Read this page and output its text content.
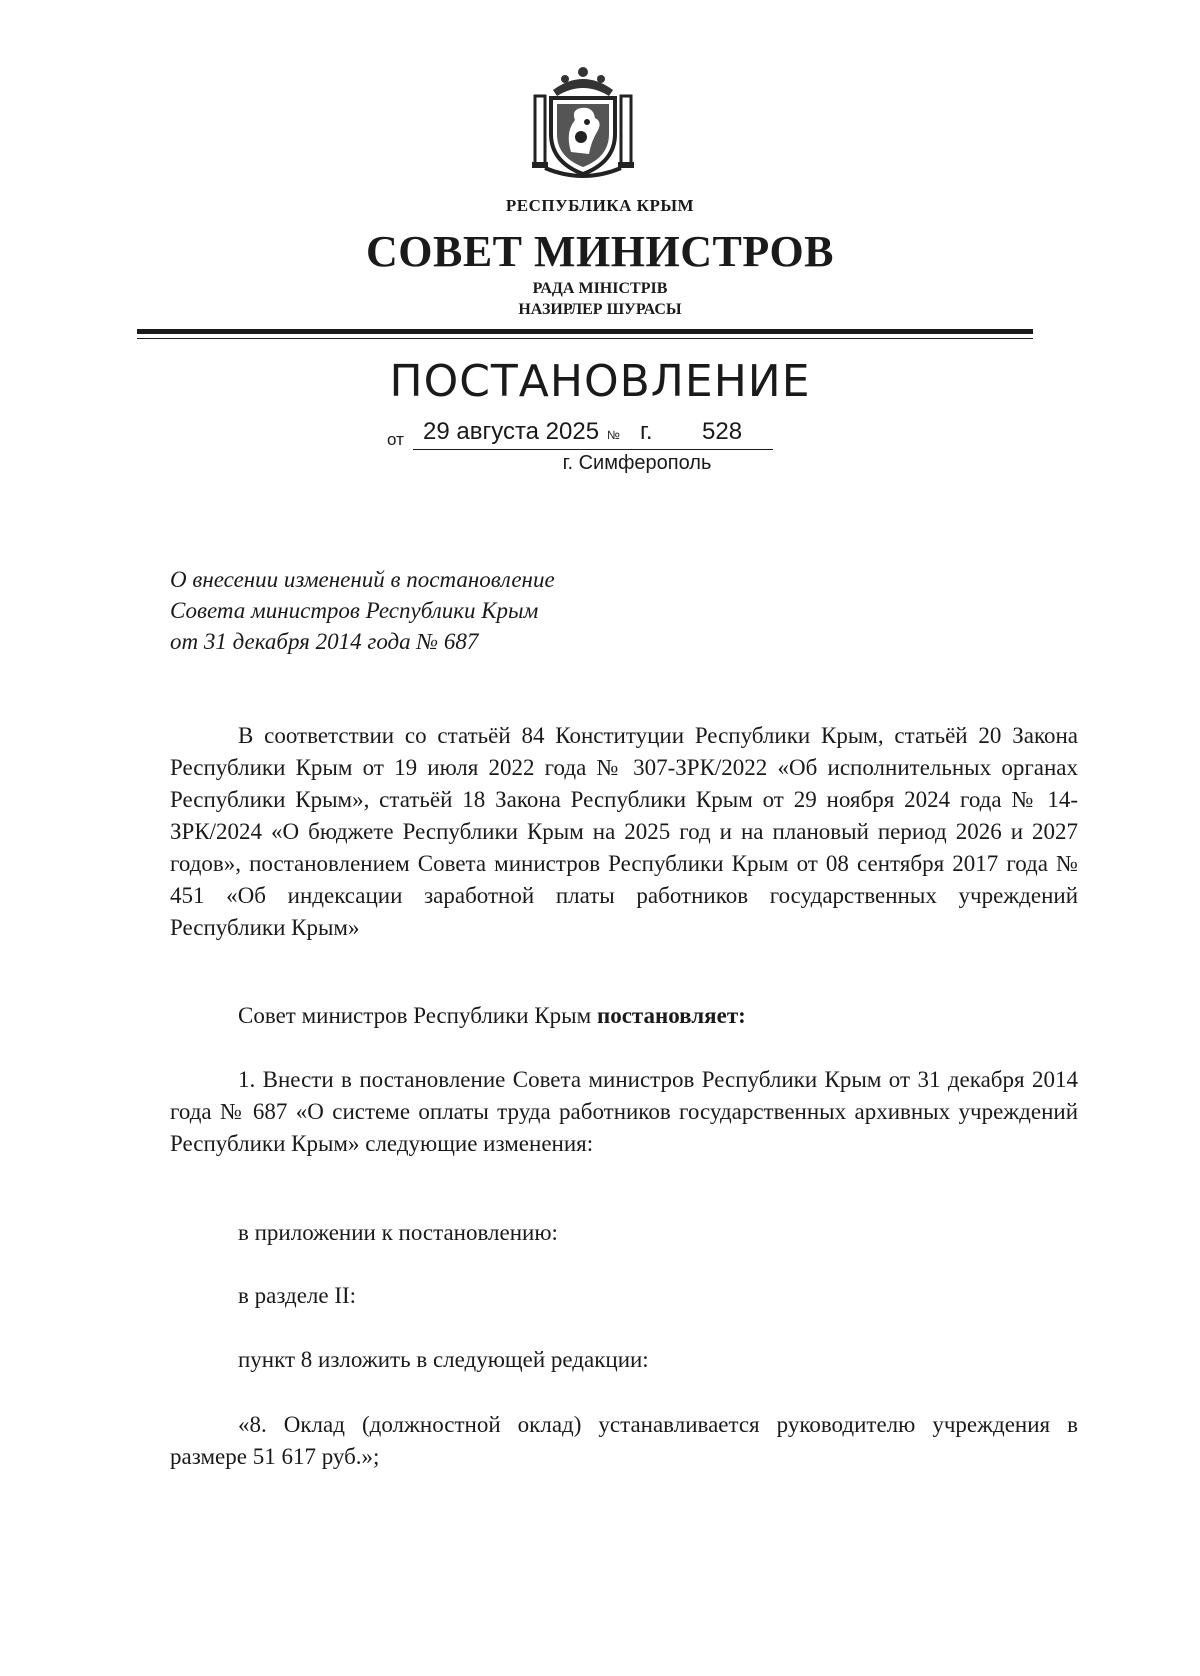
РЕСПУБЛИКА КРЫМ
СОВЕТ МИНИСТРОВ
РАДА МІНІСТРІВ
НАЗИРЛЕР ШУРАСЫ
ПОСТАНОВЛЕНИЕ
от 29 августа 2025 № г. 528
г. Симферополь
О внесении изменений в постановление
Совета министров Республики Крым
от 31 декабря 2014 года № 687
В соответствии со статьёй 84 Конституции Республики Крым, статьёй 20 Закона Республики Крым от 19 июля 2022 года № 307-ЗРК/2022 «Об исполнительных органах Республики Крым», статьёй 18 Закона Республики Крым от 29 ноября 2024 года № 14-ЗРК/2024 «О бюджете Республики Крым на 2025 год и на плановый период 2026 и 2027 годов», постановлением Совета министров Республики Крым от 08 сентября 2017 года № 451 «Об индексации заработной платы работников государственных учреждений Республики Крым»
Совет министров Республики Крым постановляет:
1. Внести в постановление Совета министров Республики Крым от 31 декабря 2014 года № 687 «О системе оплаты труда работников государственных архивных учреждений Республики Крым» следующие изменения:
в приложении к постановлению:
в разделе II:
пункт 8 изложить в следующей редакции:
«8. Оклад (должностной оклад) устанавливается руководителю учреждения в размере 51 617 руб.»;
